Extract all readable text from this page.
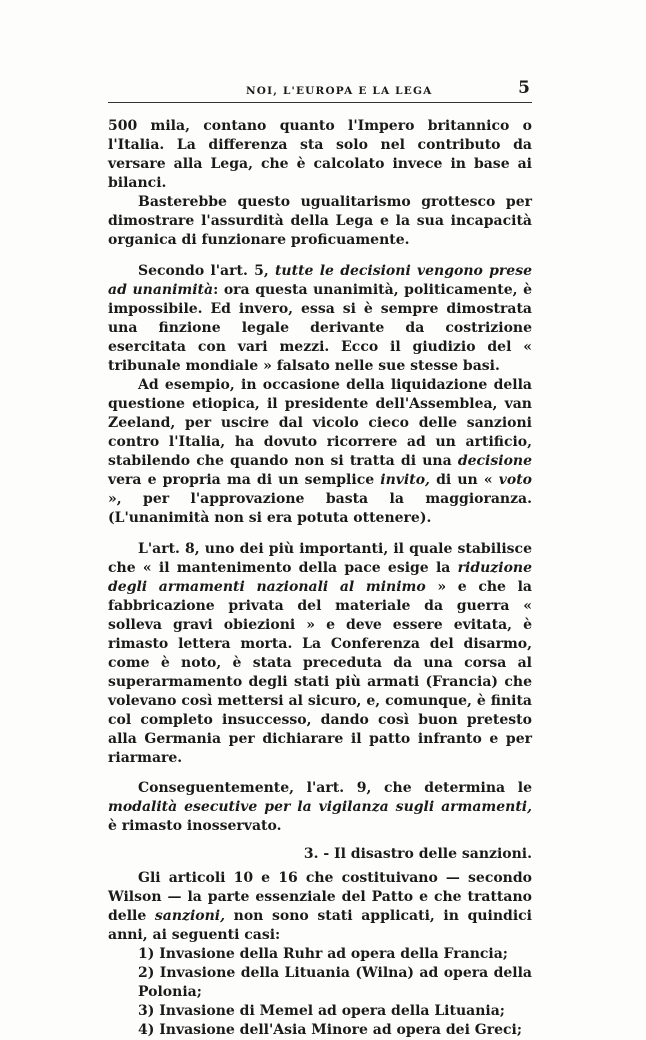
NOI, L'EUROPA E LA LEGA	5

500 mila, contano quanto l'Impero britannico o l'Italia. La differenza sta solo nel contributo da versare alla Lega, che è calcolato invece in base ai bilanci.

Basterebbe questo ugualitarismo grottesco per dimostrare l'assurdità della Lega e la sua incapacità organica di funzionare proficuamente.

Secondo l'art. 5, tutte le decisioni vengono prese ad unanimità: ora questa unanimità, politicamente, è impossibile. Ed invero, essa si è sempre dimostrata una finzione legale derivante da costrizione esercitata con vari mezzi. Ecco il giudizio del « tribunale mondiale » falsato nelle sue stesse basi.

Ad esempio, in occasione della liquidazione della questione etiopica, il presidente dell'Assemblea, van Zeeland, per uscire dal vicolo cieco delle sanzioni contro l'Italia, ha dovuto ricorrere ad un artificio, stabilendo che quando non si tratta di una decisione vera e propria ma di un semplice invito, di un « voto », per l'approvazione basta la maggioranza. (L'unanimità non si era potuta ottenere).

L'art. 8, uno dei più importanti, il quale stabilisce che « il mantenimento della pace esige la riduzione degli armamenti nazionali al minimo » e che la fabbricazione privata del materiale da guerra « solleva gravi obiezioni » e deve essere evitata, è rimasto lettera morta. La Conferenza del disarmo, come è noto, è stata preceduta da una corsa al superarmamento degli stati più armati (Francia) che volevano così mettersi al sicuro, e, comunque, è finita col completo insuccesso, dando così buon pretesto alla Germania per dichiarare il patto infranto e per riarmare.

Conseguentemente, l'art. 9, che determina le modalità esecutive per la vigilanza sugli armamenti, è rimasto inosservato.

3. - Il disastro delle sanzioni.

Gli articoli 10 e 16 che costituivano — secondo Wilson — la parte essenziale del Patto e che trattano delle sanzioni, non sono stati applicati, in quindici anni, ai seguenti casi:

1) Invasione della Ruhr ad opera della Francia;
2) Invasione della Lituania (Wilna) ad opera della Polonia;
3) Invasione di Memel ad opera della Lituania;
4) Invasione dell'Asia Minore ad opera dei Greci;
